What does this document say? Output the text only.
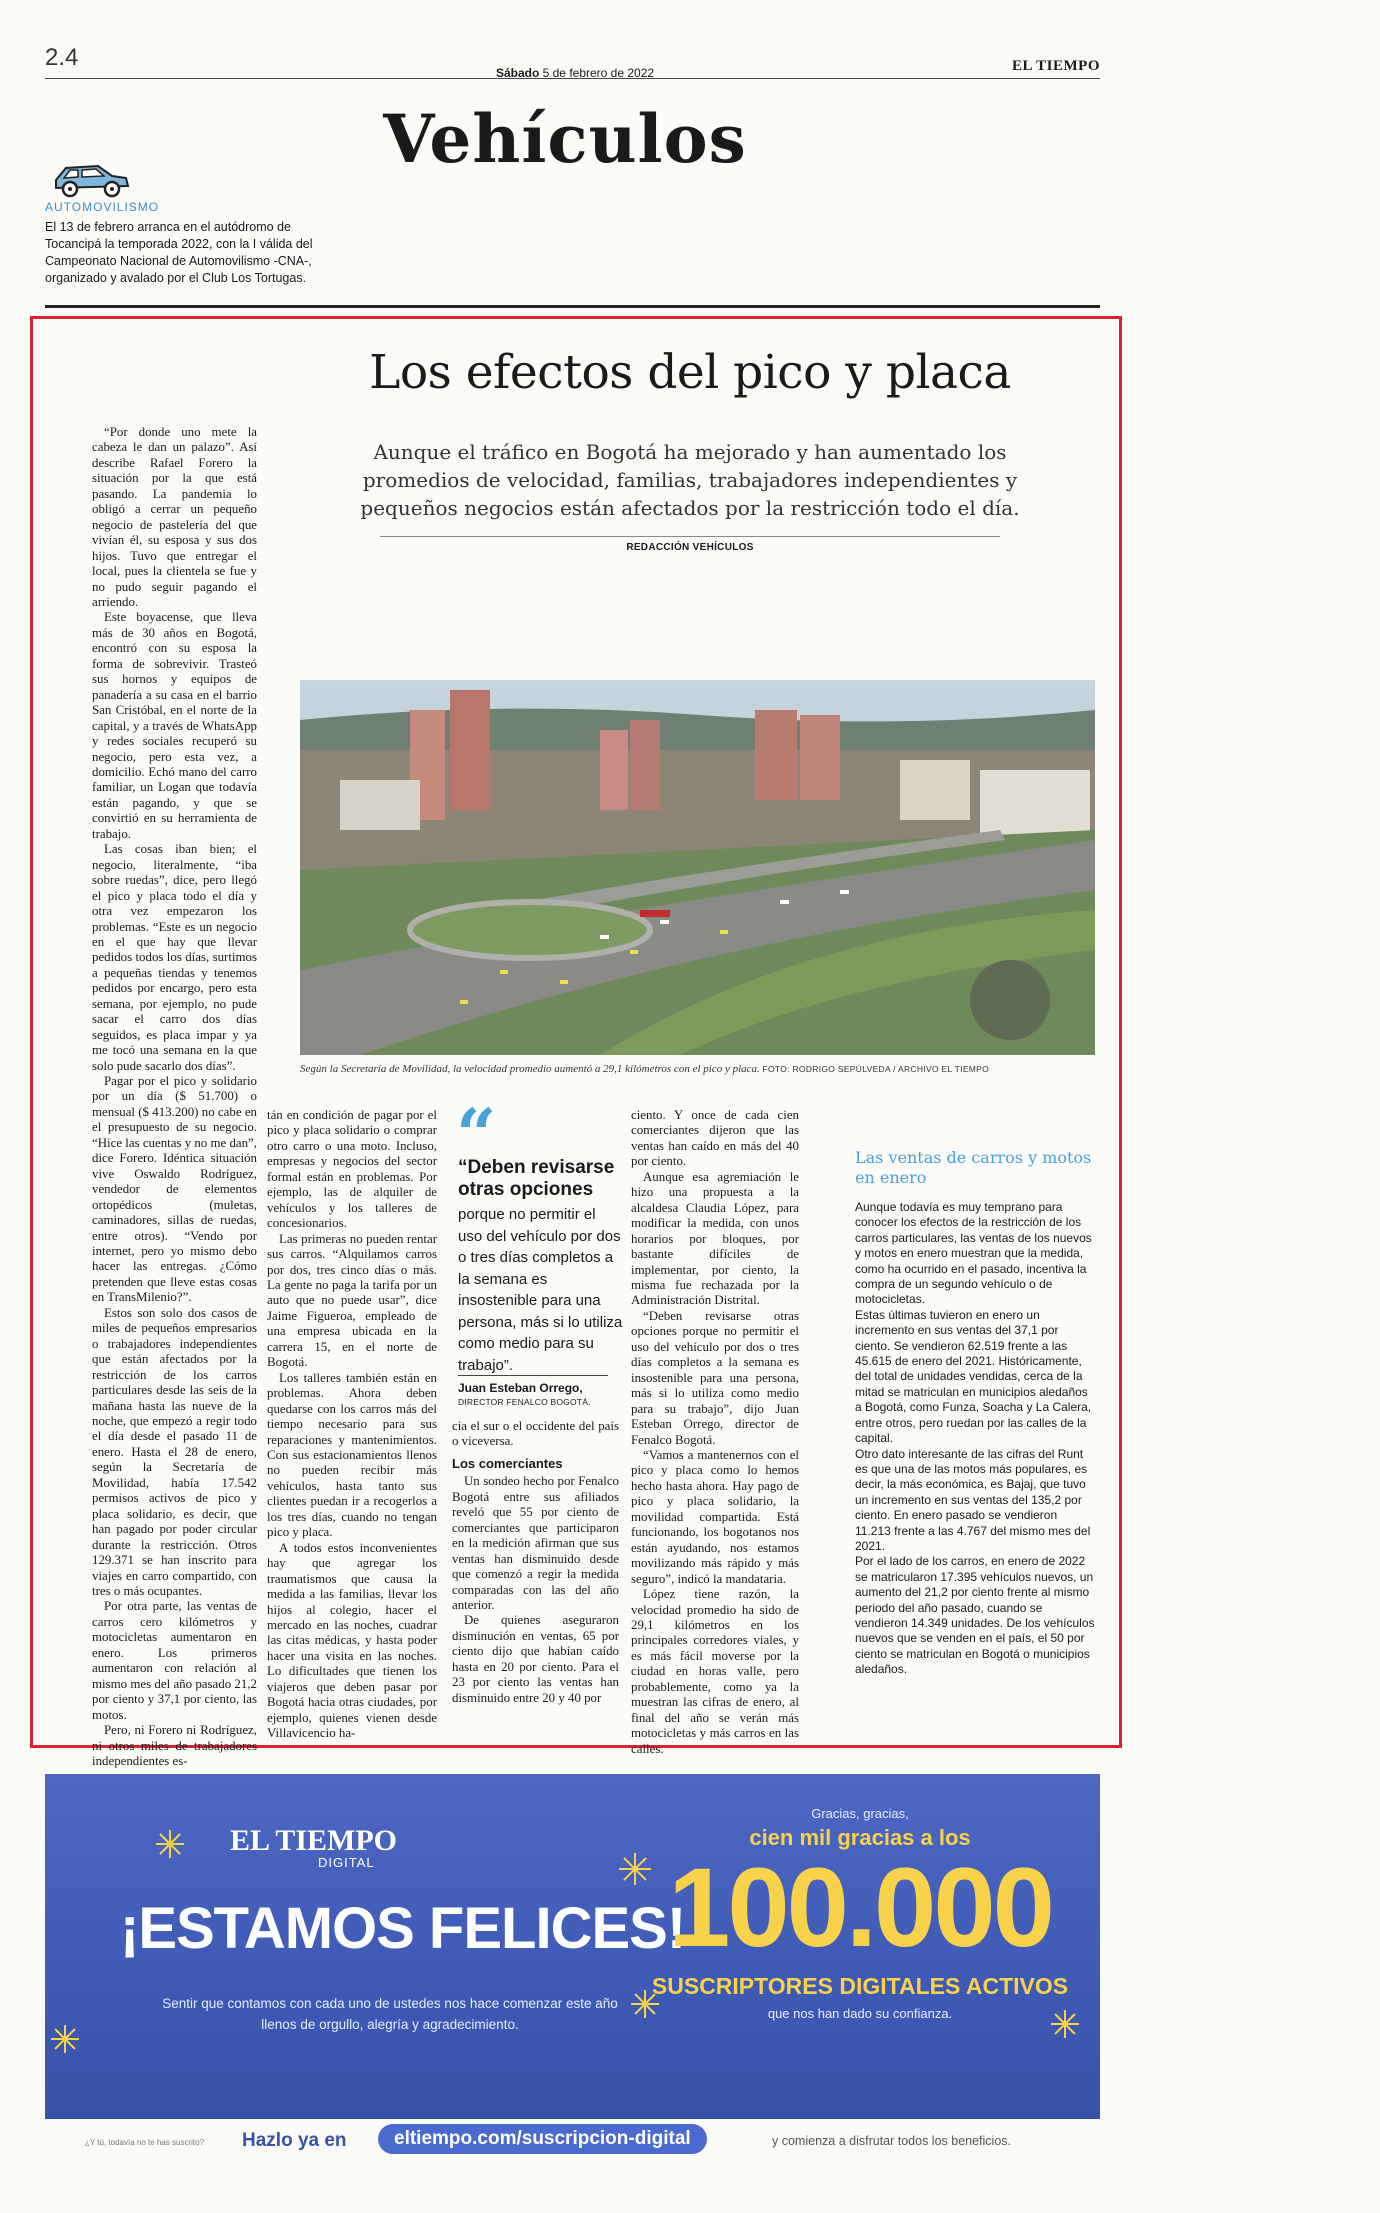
2.4
Sábado 5 de febrero de 2022	EL TIEMPO
Vehículos
AUTOMOVILISMO
El 13 de febrero arranca en el autódromo de Tocancipá la temporada 2022, con la I válida del Campeonato Nacional de Automovilismo -CNA-, organizado y avalado por el Club Los Tortugas.
Los efectos del pico y placa
Aunque el tráfico en Bogotá ha mejorado y han aumentado los promedios de velocidad, familias, trabajadores independientes y pequeños negocios están afectados por la restricción todo el día.
REDACCIÓN VEHÍCULOS
Según la Secretaría de Movilidad, la velocidad promedio aumentó a 29,1 kilómetros con el pico y placa. FOTO: RODRIGO SEPÚLVEDA / ARCHIVO EL TIEMPO

“Por donde uno mete la cabeza le dan un palazo”. Así describe Rafael Forero la situación por la que está pasando. La pandemia lo obligó a cerrar un pequeño negocio de pastelería del que vivían él, su esposa y sus dos hijos. Tuvo que entregar el local, pues la clientela se fue y no pudo seguir pagando el arriendo.

Este boyacense, que lleva más de 30 años en Bogotá, encontró con su esposa la forma de sobrevivir. Trasteó sus hornos y equipos de panadería a su casa en el barrio San Cristóbal, en el norte de la capital, y a través de WhatsApp y redes sociales recuperó su negocio, pero esta vez, a domicilio. Echó mano del carro familiar, un Logan que todavía están pagando, y que se convirtió en su herramienta de trabajo.

Las cosas iban bien; el negocio, literalmente, “iba sobre ruedas”, dice, pero llegó el pico y placa todo el día y otra vez empezaron los problemas. “Este es un negocio en el que hay que llevar pedidos todos los días, surtimos a pequeñas tiendas y tenemos pedidos por encargo, pero esta semana, por ejemplo, no pude sacar el carro dos días seguidos, es placa impar y ya me tocó una semana en la que solo pude sacarlo dos días”.

Pagar por el pico y solidario por un día ($ 51.700) o mensual ($ 413.200) no cabe en el presupuesto de su negocio. “Hice las cuentas y no me dan”, dice Forero. Idéntica situación vive Oswaldo Rodríguez, vendedor de elementos ortopédicos (muletas, caminadores, sillas de ruedas, entre otros). “Vendo por internet, pero yo mismo debo hacer las entregas. ¿Cómo pretenden que lleve estas cosas en TransMilenio?”.

Estos son solo dos casos de miles de pequeños empresarios o trabajadores independientes que están afectados por la restricción de los carros particulares desde las seis de la mañana hasta las nueve de la noche, que empezó a regir todo el día desde el pasado 11 de enero. Hasta el 28 de enero, según la Secretaría de Movilidad, había 17.542 permisos activos de pico y placa solidario, es decir, que han pagado por poder circular durante la restricción. Otros 129.371 se han inscrito para viajes en carro compartido, con tres o más ocupantes.

Por otra parte, las ventas de carros cero kilómetros y motocicletas aumentaron en enero. Los primeros aumentaron con relación al mismo mes del año pasado 21,2 por ciento y 37,1 por ciento, las motos.

Pero, ni Forero ni Rodríguez, ni otros miles de trabajadores independientes es-

tán en condición de pagar por el pico y placa solidario o comprar otro carro o una moto. Incluso, empresas y negocios del sector formal están en problemas. Por ejemplo, las de alquiler de vehículos y los talleres de concesionarios.

Las primeras no pueden rentar sus carros. “Alquilamos carros por dos, tres cinco días o más. La gente no paga la tarifa por un auto que no puede usar”, dice Jaime Figueroa, empleado de una empresa ubicada en la carrera 15, en el norte de Bogotá.

Los talleres también están en problemas. Ahora deben quedarse con los carros más del tiempo necesario para sus reparaciones y mantenimientos. Con sus estacionamientos llenos no pueden recibir más vehículos, hasta tanto sus clientes puedan ir a recogerlos a los tres días, cuando no tengan pico y placa.

A todos estos inconvenientes hay que agregar los traumatismos que causa la medida a las familias, llevar los hijos al colegio, hacer el mercado en las noches, cuadrar las citas médicas, y hasta poder hacer una visita en las noches. Lo dificultades que tienen los viajeros que deben pasar por Bogotá hacia otras ciudades, por ejemplo, quienes vienen desde Villavicencio ha-

“
“Deben revisarse otras opciones
porque no permitir el uso del vehículo por dos o tres días completos a la semana es insostenible para una persona, más si lo utiliza como medio para su trabajo”.
Juan Esteban Orrego,
DIRECTOR FENALCO BOGOTÁ.

cia el sur o el occidente del país o viceversa.

Los comerciantes

Un sondeo hecho por Fenalco Bogotá entre sus afiliados reveló que 55 por ciento de comerciantes que participaron en la medición afirman que sus ventas han disminuido desde que comenzó a regir la medida comparadas con las del año anterior.

De quienes aseguraron disminución en ventas, 65 por ciento dijo que habían caído hasta en 20 por ciento. Para el 23 por ciento las ventas han disminuido entre 20 y 40 por

ciento. Y once de cada cien comerciantes dijeron que las ventas han caído en más del 40 por ciento.

Aunque esa agremiación le hizo una propuesta a la alcaldesa Claudia López, para modificar la medida, con unos horarios por bloques, por bastante difíciles de implementar, por ciento, la misma fue rechazada por la Administración Distrital.

“Deben revisarse otras opciones porque no permitir el uso del vehículo por dos o tres días completos a la semana es insostenible para una persona, más si lo utiliza como medio para su trabajo”, dijo Juan Esteban Orrego, director de Fenalco Bogotá.

“Vamos a mantenernos con el pico y placa como lo hemos hecho hasta ahora. Hay pago de pico y placa solidario, la movilidad compartida. Está funcionando, los bogotanos nos están ayudando, nos estamos movilizando más rápido y más seguro”, indicó la mandataria.

López tiene razón, la velocidad promedio ha sido de 29,1 kilómetros en los principales corredores viales, y es más fácil moverse por la ciudad en horas valle, pero probablemente, como ya la muestran las cifras de enero, al final del año se verán más motocicletas y más carros en las calles.

Las ventas de carros y motos en enero

Aunque todavía es muy temprano para conocer los efectos de la restricción de los carros particulares, las ventas de los nuevos y motos en enero muestran que la medida, como ha ocurrido en el pasado, incentiva la compra de un segundo vehículo o de motocicletas.

Estas últimas tuvieron en enero un incremento en sus ventas del 37,1 por ciento. Se vendieron 62.519 frente a las 45.615 de enero del 2021. Históricamente, del total de unidades vendidas, cerca de la mitad se matriculan en municipios aledaños a Bogotá, como Funza, Soacha y La Calera, entre otros, pero ruedan por las calles de la capital.

Otro dato interesante de las cifras del Runt es que una de las motos más populares, es decir, la más económica, es Bajaj, que tuvo un incremento en sus ventas del 135,2 por ciento. En enero pasado se vendieron 11.213 frente a las 4.767 del mismo mes del 2021.

Por el lado de los carros, en enero de 2022 se matricularon 17.395 vehículos nuevos, un aumento del 21,2 por ciento frente al mismo periodo del año pasado, cuando se vendieron 14.349 unidades. De los vehículos nuevos que se venden en el país, el 50 por ciento se matriculan en Bogotá o municipios aledaños.

EL TIEMPO
DIGITAL
¡ESTAMOS FELICES!
Sentir que contamos con cada uno de ustedes nos hace comenzar este año llenos de orgullo, alegría y agradecimiento.
Gracias, gracias,
cien mil gracias a los
100.000
SUSCRIPTORES DIGITALES ACTIVOS
que nos han dado su confianza.
¿Y tú, todavía no te has suscrito? Hazlo ya en	eltiempo.com/suscripcion-digital	y comienza a disfrutar todos los beneficios.
